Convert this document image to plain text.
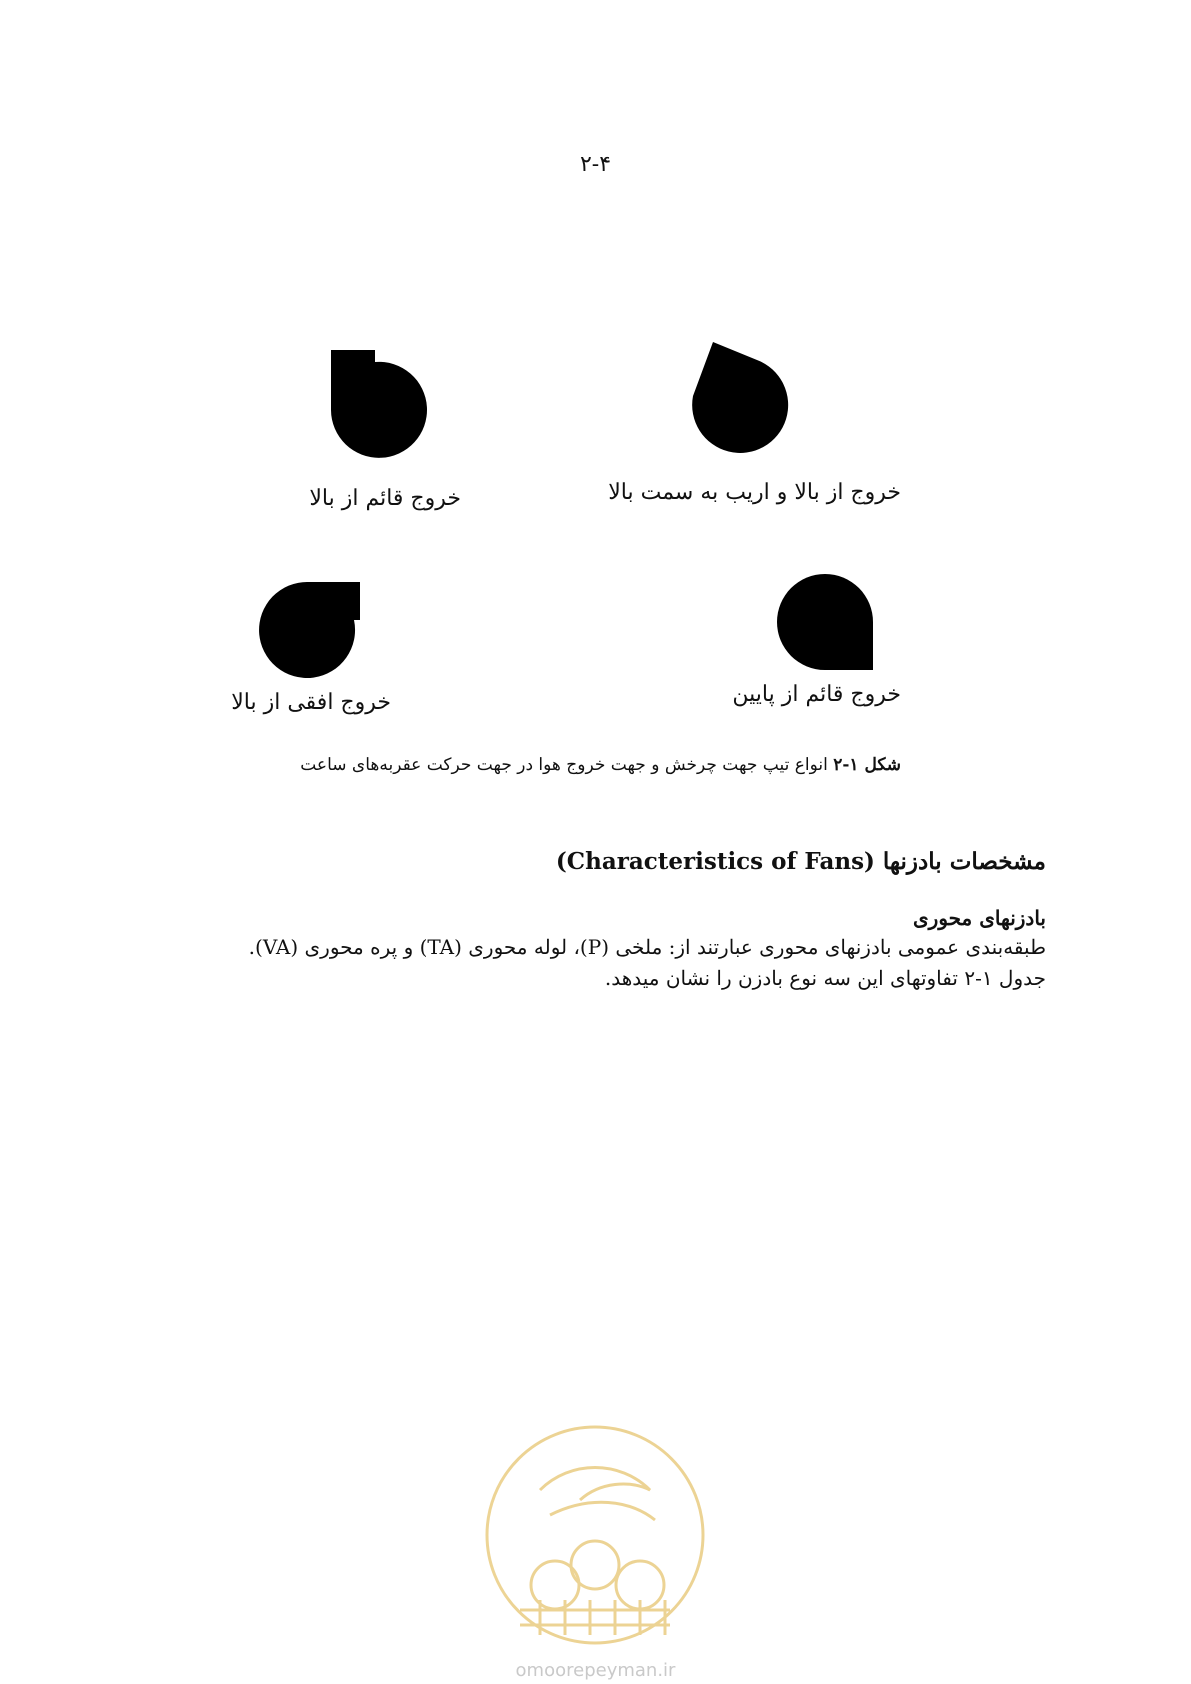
۲-۴
خروج قائم از بالا	خروج از بالا و اریب به سمت بالا
خروج افقی از بالا	خروج قائم از پایین
شکل ۱-۲ انواع تیپ جهت چرخش و جهت خروج هوا در جهت حرکت عقربه‌های ساعت
مشخصات بادزنها (Characteristics of Fans)
بادزنهای محوری
طبقه‌بندی عمومی بادزنهای محوری عبارتند از: ملخی (P)، لوله محوری (TA) و پره محوری (VA).
جدول ۱-۲ تفاوتهای این سه نوع بادزن را نشان میدهد.
omoorepeyman.ir
